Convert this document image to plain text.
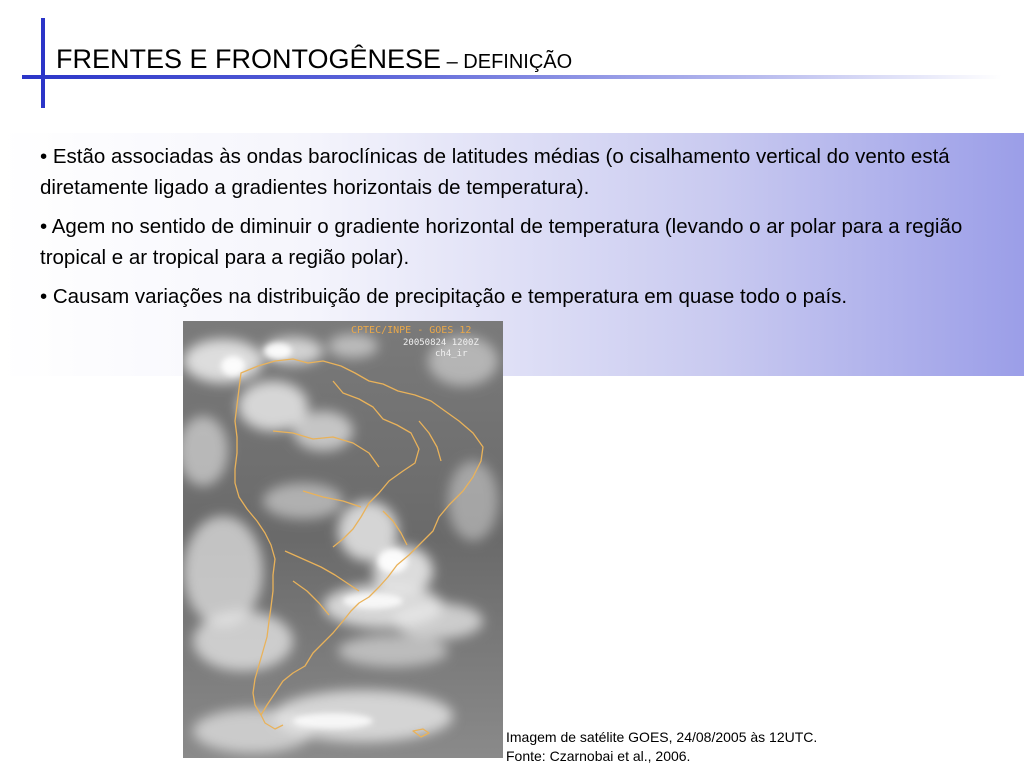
FRENTES E FRONTOGÊNESE – DEFINIÇÃO
• Estão associadas às ondas baroclínicas de latitudes médias (o cisalhamento vertical do vento está diretamente ligado a gradientes horizontais de temperatura).
• Agem no sentido de diminuir o gradiente horizontal de temperatura (levando o ar polar para a região tropical e ar tropical para a região polar).
• Causam variações na distribuição de precipitação e temperatura em quase todo o país.
CPTEC/INPE - GOES 12
20050824 1200Z
ch4_ir
Imagem de satélite GOES, 24/08/2005 às 12UTC.
Fonte: Czarnobai et al., 2006.
